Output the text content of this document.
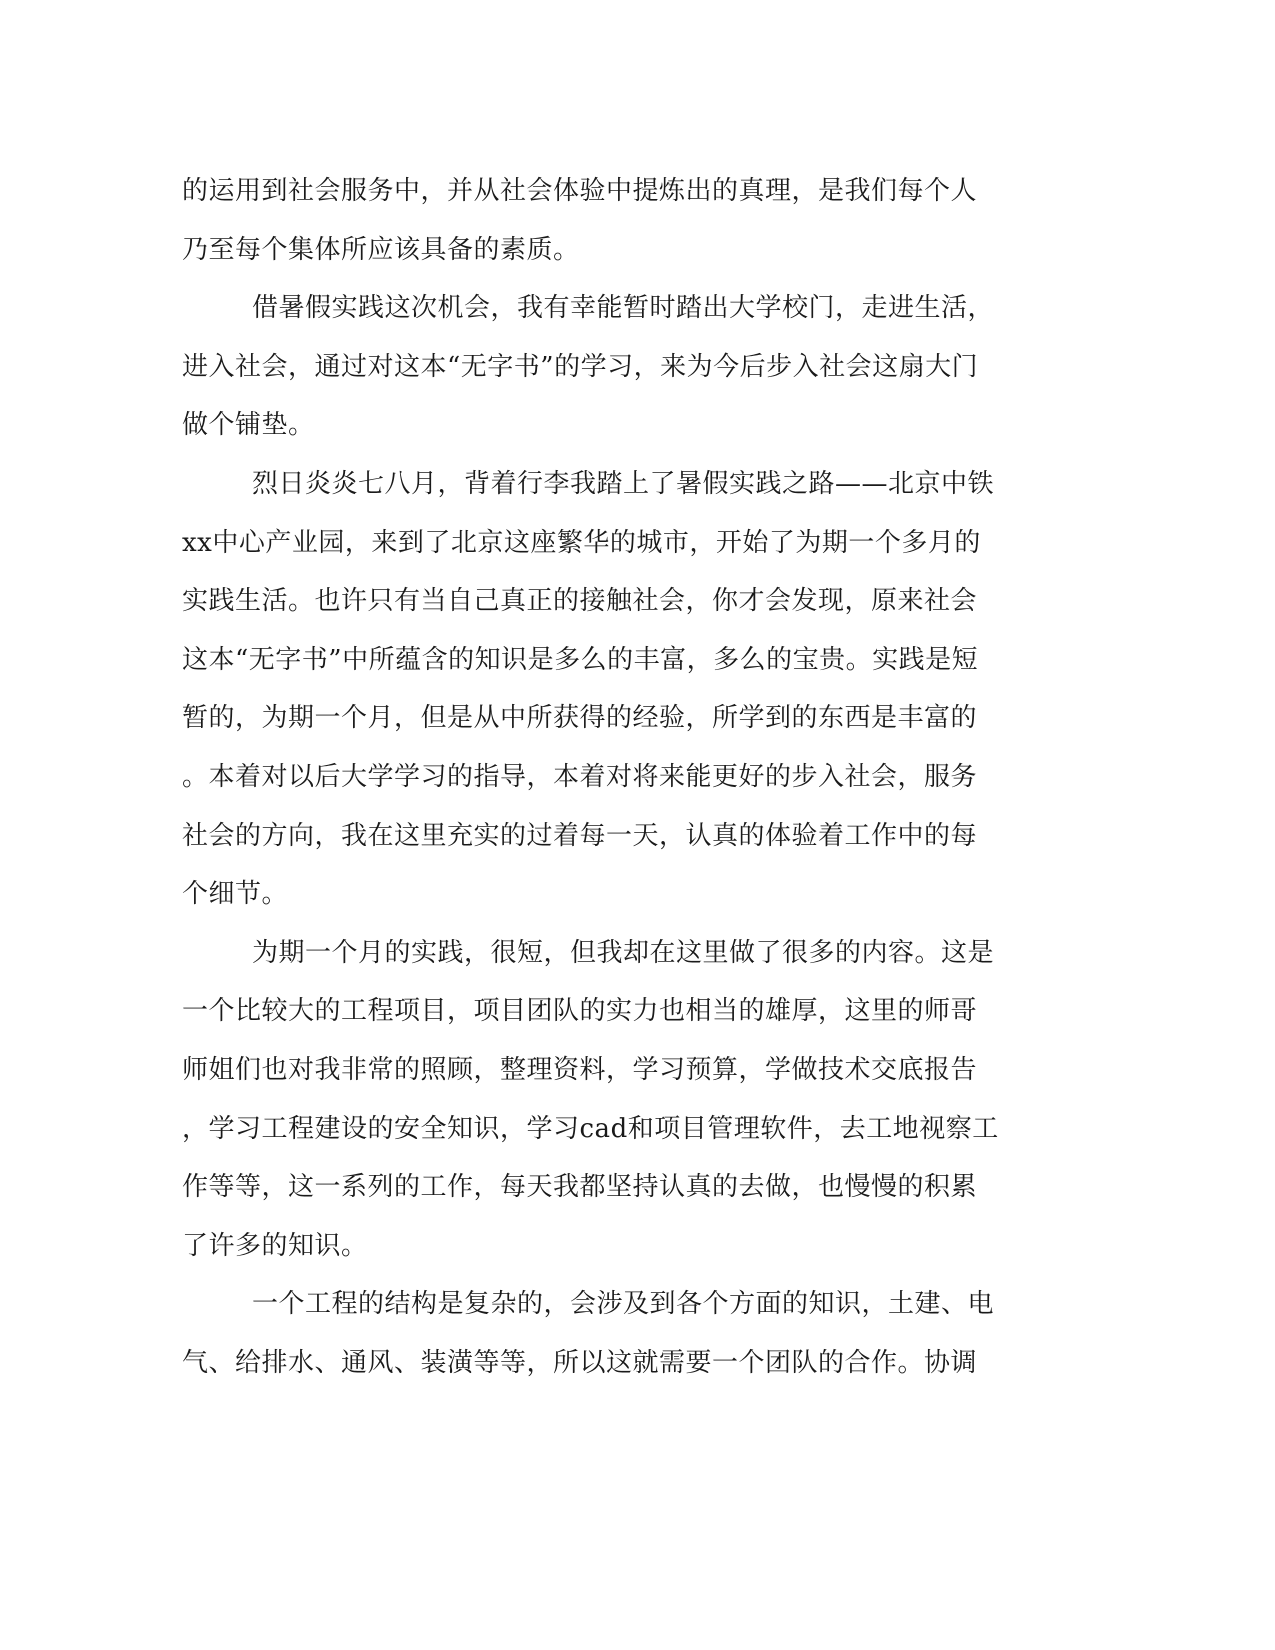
的运用到社会服务中，并从社会体验中提炼出的真理，是我们每个人
乃至每个集体所应该具备的素质。
借暑假实践这次机会，我有幸能暂时踏出大学校门，走进生活，
进入社会，通过对这本“无字书”的学习，来为今后步入社会这扇大门
做个铺垫。
烈日炎炎七八月，背着行李我踏上了暑假实践之路——北京中铁
xx中心产业园，来到了北京这座繁华的城市，开始了为期一个多月的
实践生活。也许只有当自己真正的接触社会，你才会发现，原来社会
这本“无字书”中所蕴含的知识是多么的丰富，多么的宝贵。实践是短
暂的，为期一个月，但是从中所获得的经验，所学到的东西是丰富的
。本着对以后大学学习的指导，本着对将来能更好的步入社会，服务
社会的方向，我在这里充实的过着每一天，认真的体验着工作中的每
个细节。
为期一个月的实践，很短，但我却在这里做了很多的内容。这是
一个比较大的工程项目，项目团队的实力也相当的雄厚，这里的师哥
师姐们也对我非常的照顾，整理资料，学习预算，学做技术交底报告
，学习工程建设的安全知识，学习cad和项目管理软件，去工地视察工
作等等，这一系列的工作，每天我都坚持认真的去做，也慢慢的积累
了许多的知识。
一个工程的结构是复杂的，会涉及到各个方面的知识，土建、电
气、给排水、通风、装潢等等，所以这就需要一个团队的合作。协调
